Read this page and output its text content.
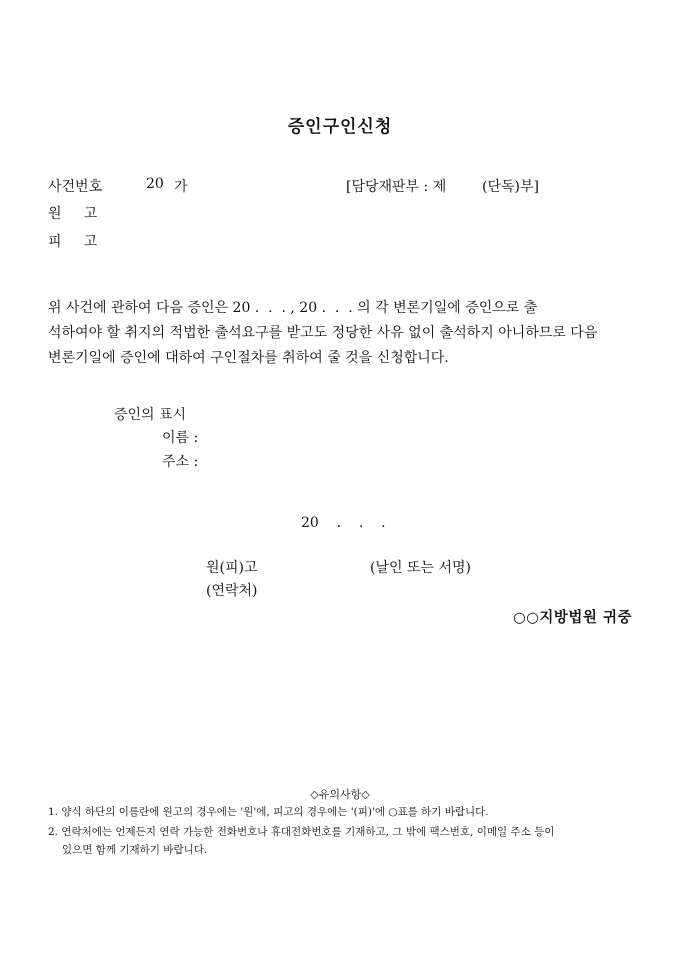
증인구인신청
사건번호	20 가	[담당재판부 : 제	(단독)부]
원     고
피     고
위 사건에 관하여 다음 증인은 20 .  .  . , 20 .  .  . 의 각 변론기일에 증인으로 출
석하여야 할 취지의 적법한 출석요구를 받고도 정당한 사유 없이 출석하지 아니하므로 다음
변론기일에 증인에 대하여 구인절차를 취하여 줄 것을 신청합니다.
증인의 표시
이름 :
주소 :
20    .    .    .
원(피)고	(날인 또는 서명)
(연락처)
○○지방법원 귀중
◇유의사항◇
1. 양식 하단의 이름란에 원고의 경우에는 '원'에, 피고의 경우에는 '(피)'에 ○표를 하기 바랍니다.
2. 연락처에는 언제든지 연락 가능한 전화번호나 휴대전화번호를 기재하고, 그 밖에 팩스번호, 이메일 주소 등이
있으면 함께 기재하기 바랍니다.
